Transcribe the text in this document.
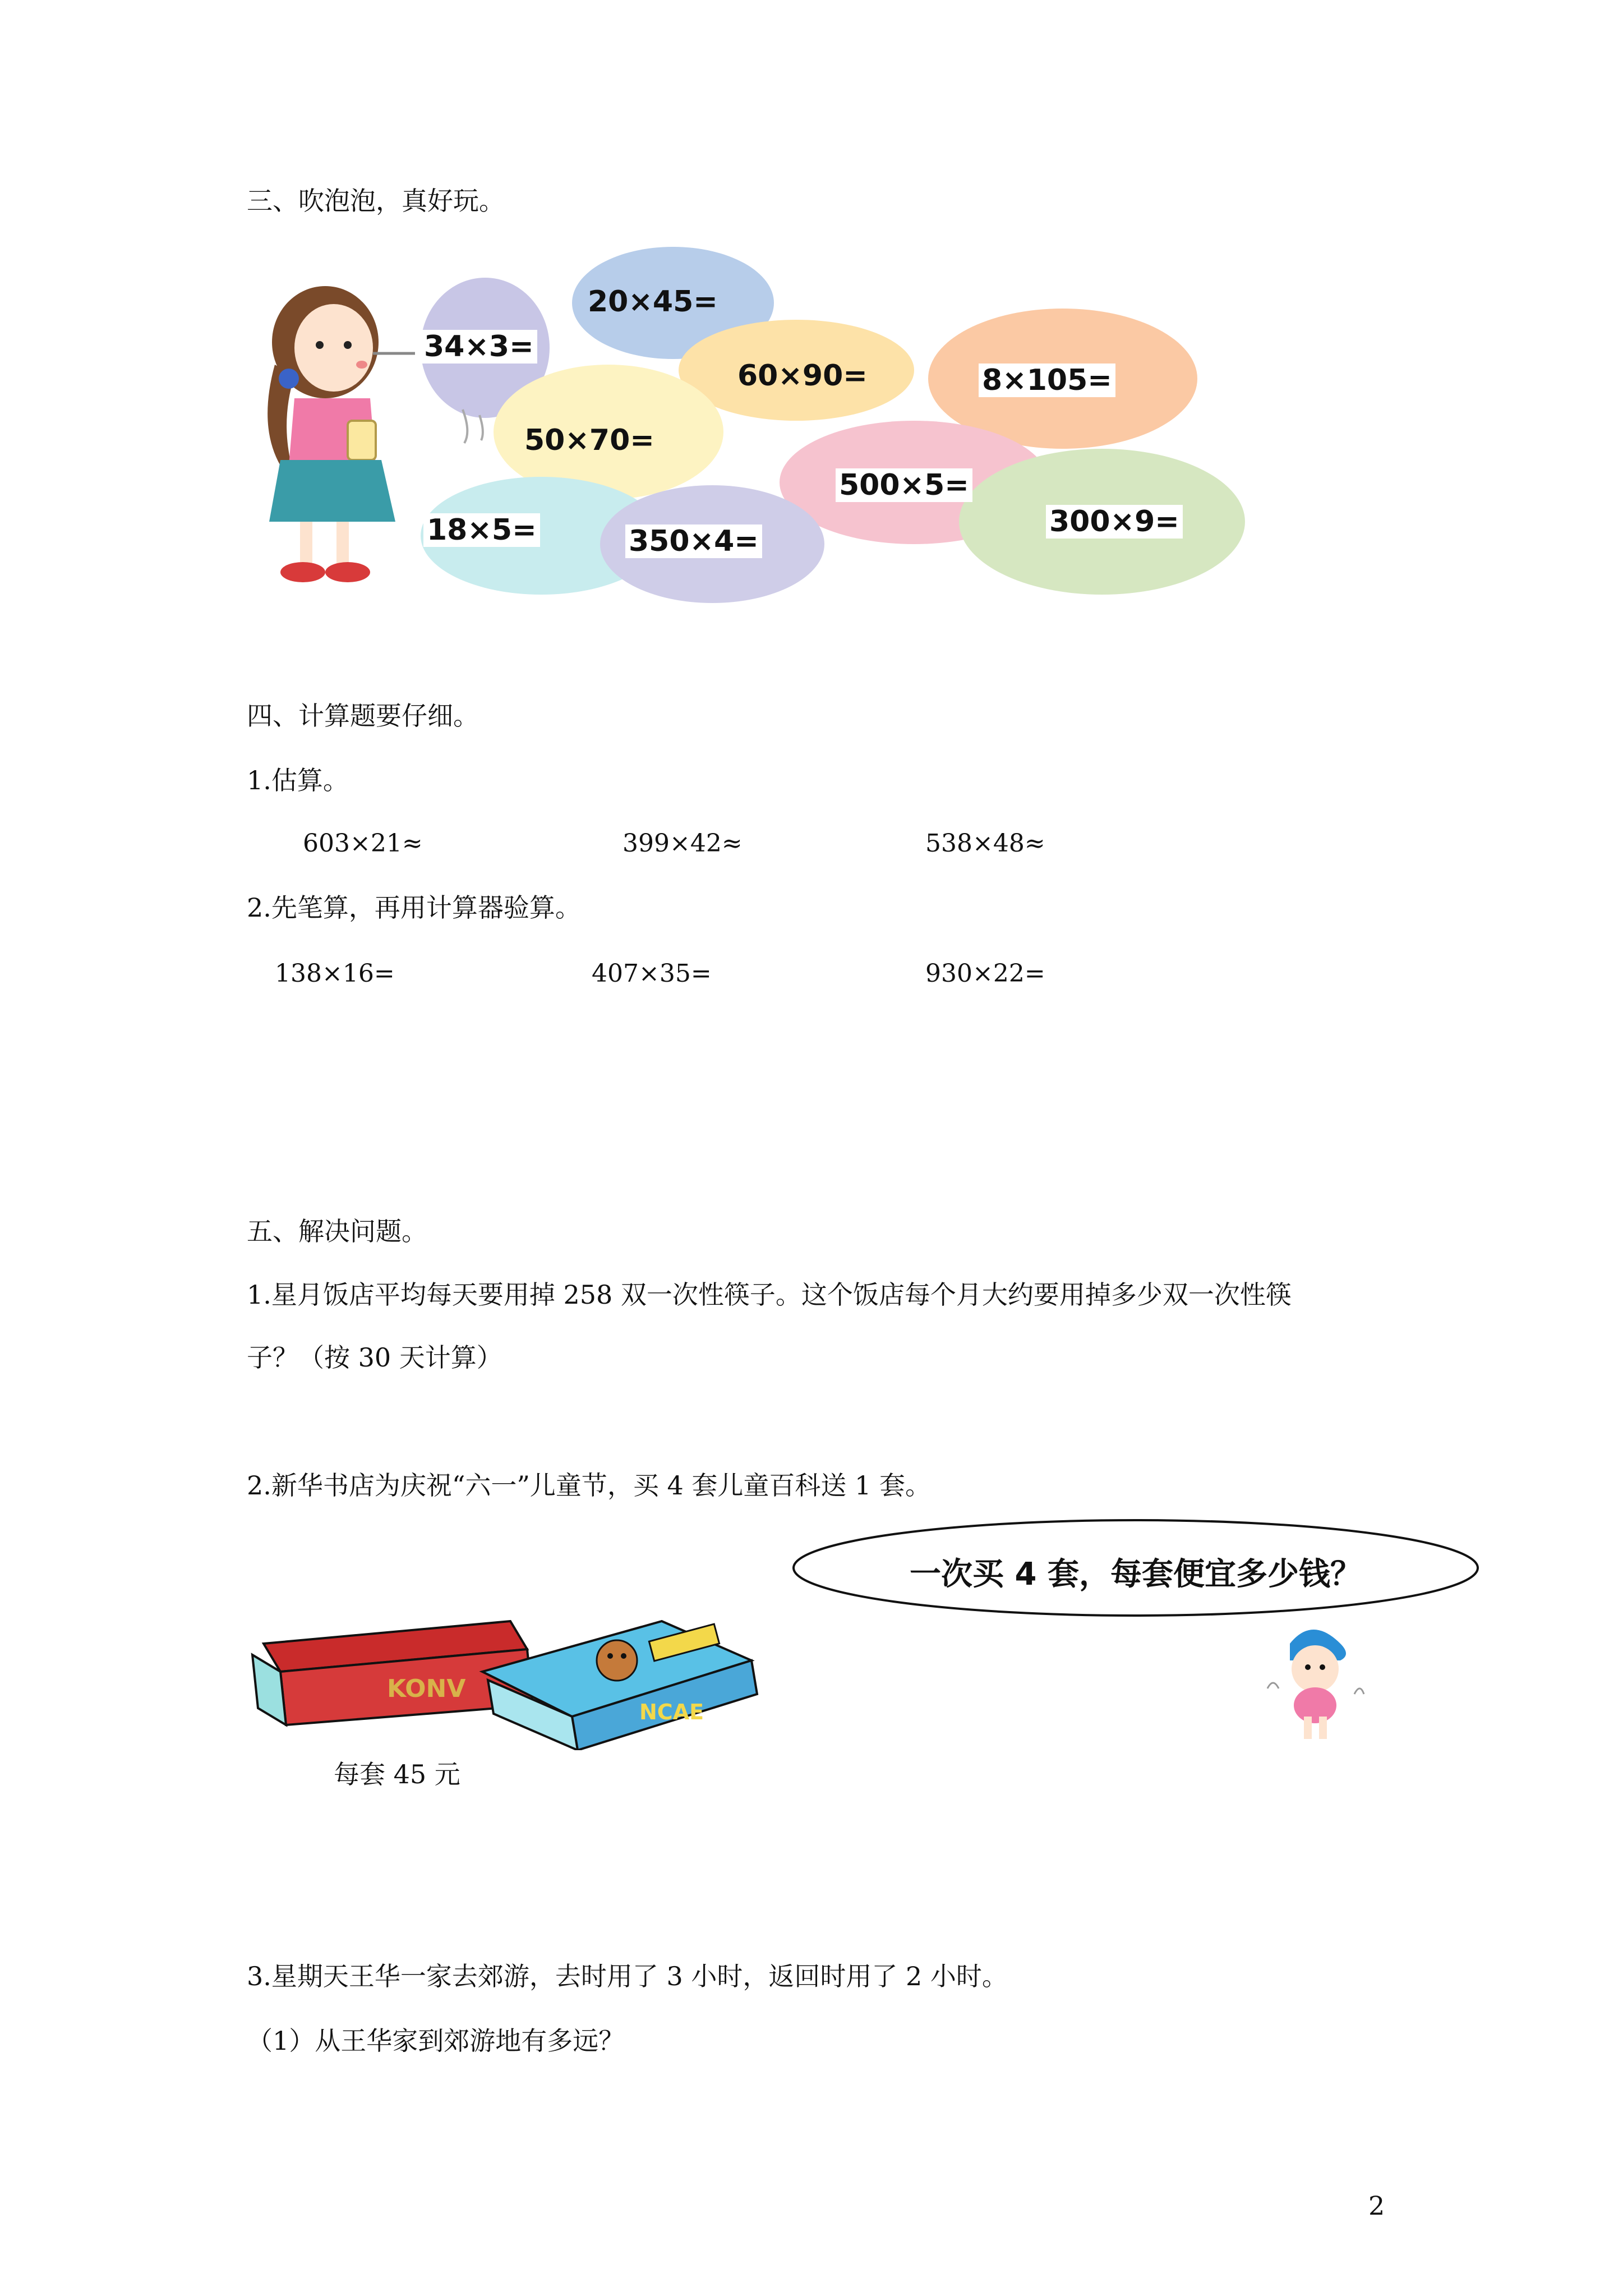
三、吹泡泡，真好玩。
20×45=
34×3=
60×90=	8×105=
50×70=
500×5=
300×9=
18×5=	350×4=
四、计算题要仔细。
1.估算。
603×21≈	399×42≈	538×48≈
2.先笔算，再用计算器验算。
138×16=	407×35=	930×22=
五、解决问题。
1.星月饭店平均每天要用掉 258 双一次性筷子。这个饭店每个月大约要用掉多少双一次性筷
子？（按 30 天计算）
2.新华书店为庆祝“六一”儿童节，买 4 套儿童百科送 1 套。
一次买 4 套，每套便宜多少钱？
KONV
NCAE
每套 45 元
3.星期天王华一家去郊游，去时用了 3 小时，返回时用了 2 小时。
（1）从王华家到郊游地有多远？
2
